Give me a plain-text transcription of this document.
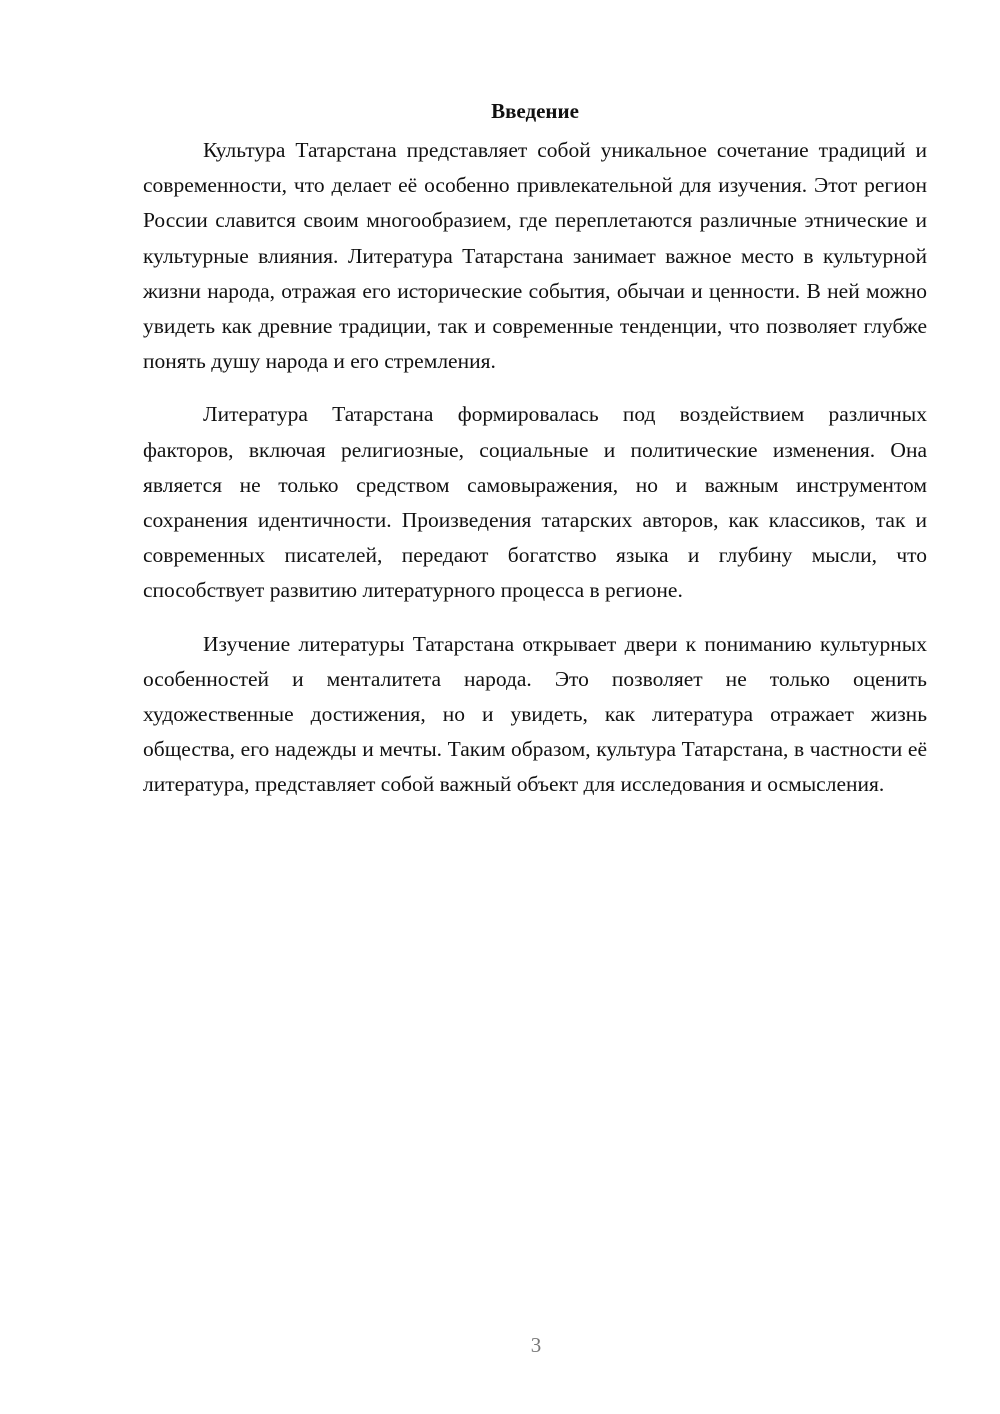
Введение

Культура Татарстана представляет собой уникальное сочетание традиций и современности, что делает её особенно привлекательной для изучения. Этот регион России славится своим многообразием, где переплетаются различные этнические и культурные влияния. Литература Татарстана занимает важное место в культурной жизни народа, отражая его исторические события, обычаи и ценности. В ней можно увидеть как древние традиции, так и современные тенденции, что позволяет глубже понять душу народа и его стремления.

Литература Татарстана формировалась под воздействием различных факторов, включая религиозные, социальные и политические изменения. Она является не только средством самовыражения, но и важным инструментом сохранения идентичности. Произведения татарских авторов, как классиков, так и современных писателей, передают богатство языка и глубину мысли, что способствует развитию литературного процесса в регионе.

Изучение литературы Татарстана открывает двери к пониманию культурных особенностей и менталитета народа. Это позволяет не только оценить художественные достижения, но и увидеть, как литература отражает жизнь общества, его надежды и мечты. Таким образом, культура Татарстана, в частности её литература, представляет собой важный объект для исследования и осмысления.

3
